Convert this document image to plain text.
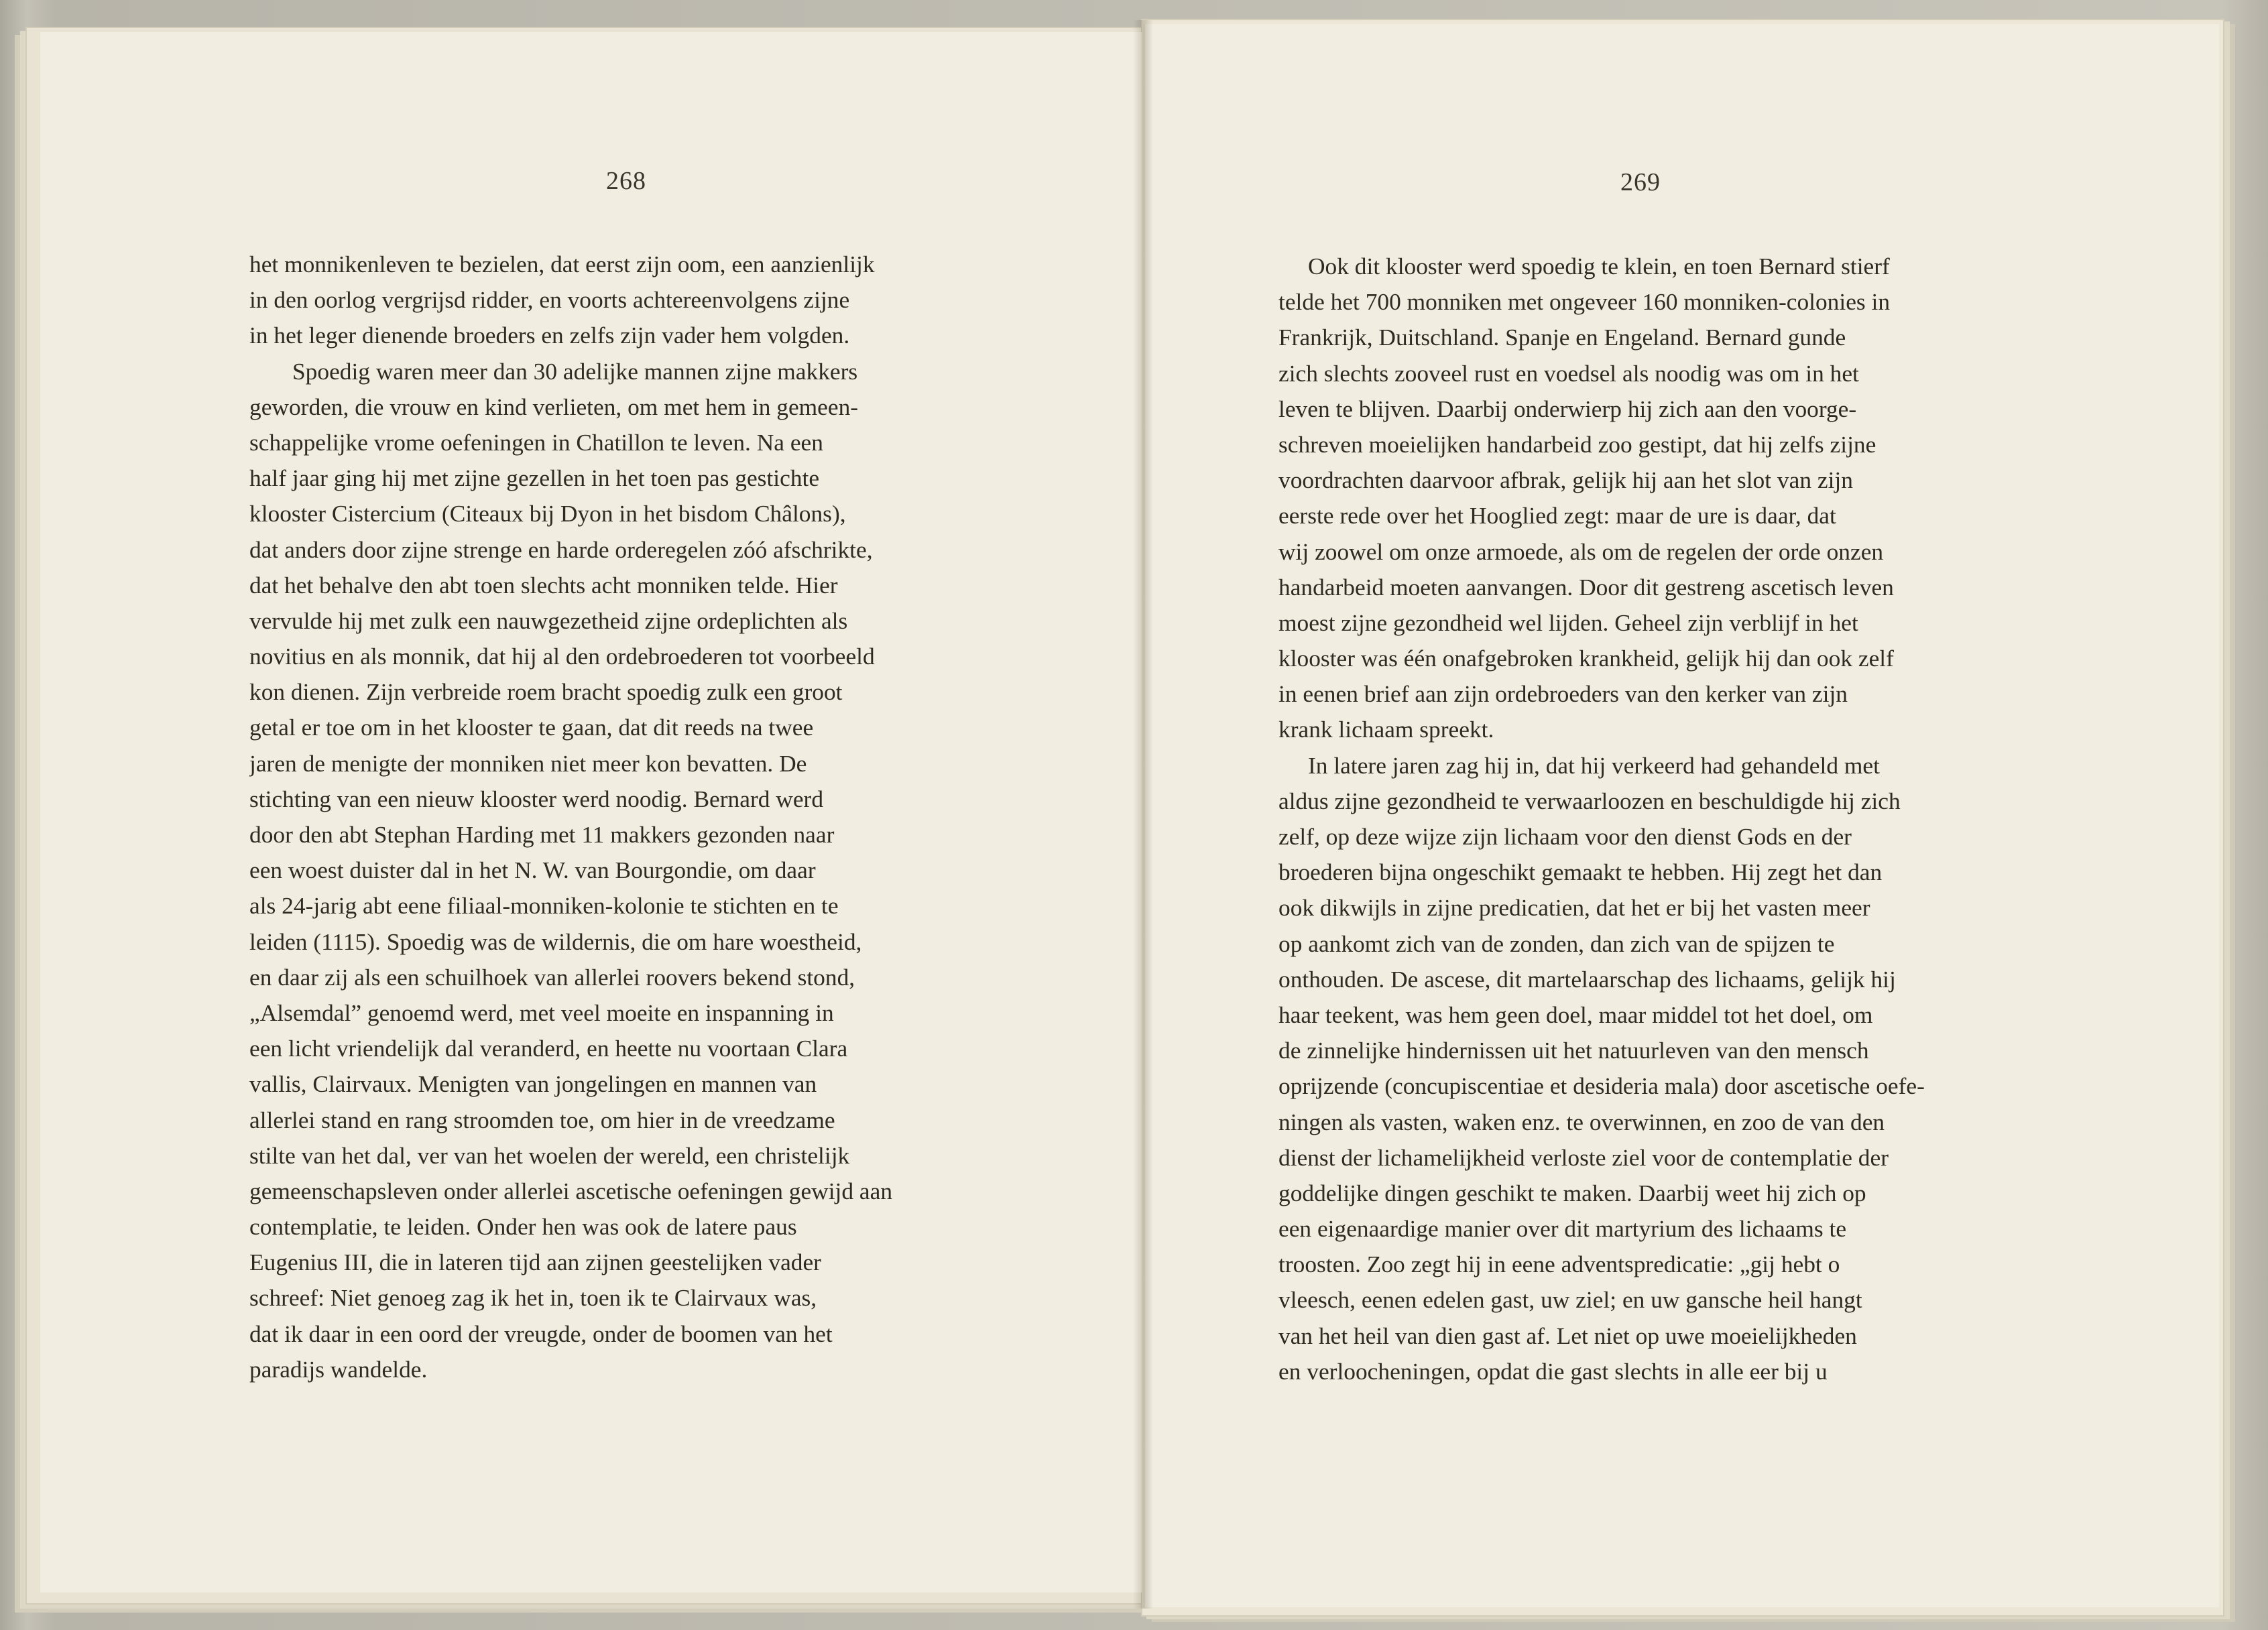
268
het monnikenleven te bezielen, dat eerst zijn oom, een aanzienlijk
in den oorlog vergrijsd ridder, en voorts achtereenvolgens zijne
in het leger dienende broeders en zelfs zijn vader hem volgden.
Spoedig waren meer dan 30 adelijke mannen zijne makkers
geworden, die vrouw en kind verlieten, om met hem in gemeen-
schappelijke vrome oefeningen in Chatillon te leven. Na een
half jaar ging hij met zijne gezellen in het toen pas gestichte
klooster Cistercium (Citeaux bij Dyon in het bisdom Châlons),
dat anders door zijne strenge en harde orderegelen zóó afschrikte,
dat het behalve den abt toen slechts acht monniken telde. Hier
vervulde hij met zulk een nauwgezetheid zijne ordeplichten als
novitius en als monnik, dat hij al den ordebroederen tot voorbeeld
kon dienen. Zijn verbreide roem bracht spoedig zulk een groot
getal er toe om in het klooster te gaan, dat dit reeds na twee
jaren de menigte der monniken niet meer kon bevatten. De
stichting van een nieuw klooster werd noodig. Bernard werd
door den abt Stephan Harding met 11 makkers gezonden naar
een woest duister dal in het N. W. van Bourgondie, om daar
als 24-jarig abt eene filiaal-monniken-kolonie te stichten en te
leiden (1115). Spoedig was de wildernis, die om hare woestheid,
en daar zij als een schuilhoek van allerlei roovers bekend stond,
„Alsemdal” genoemd werd, met veel moeite en inspanning in
een licht vriendelijk dal veranderd, en heette nu voortaan Clara
vallis, Clairvaux. Menigten van jongelingen en mannen van
allerlei stand en rang stroomden toe, om hier in de vreedzame
stilte van het dal, ver van het woelen der wereld, een christelijk
gemeenschapsleven onder allerlei ascetische oefeningen gewijd aan
contemplatie, te leiden. Onder hen was ook de latere paus
Eugenius III, die in lateren tijd aan zijnen geestelijken vader
schreef: Niet genoeg zag ik het in, toen ik te Clairvaux was,
dat ik daar in een oord der vreugde, onder de boomen van het
paradijs wandelde.
269
Ook dit klooster werd spoedig te klein, en toen Bernard stierf
telde het 700 monniken met ongeveer 160 monniken-colonies in
Frankrijk, Duitschland. Spanje en Engeland. Bernard gunde
zich slechts zooveel rust en voedsel als noodig was om in het
leven te blijven. Daarbij onderwierp hij zich aan den voorge-
schreven moeielijken handarbeid zoo gestipt, dat hij zelfs zijne
voordrachten daarvoor afbrak, gelijk hij aan het slot van zijn
eerste rede over het Hooglied zegt: maar de ure is daar, dat
wij zoowel om onze armoede, als om de regelen der orde onzen
handarbeid moeten aanvangen. Door dit gestreng ascetisch leven
moest zijne gezondheid wel lijden. Geheel zijn verblijf in het
klooster was één onafgebroken krankheid, gelijk hij dan ook zelf
in eenen brief aan zijn ordebroeders van den kerker van zijn
krank lichaam spreekt.
In latere jaren zag hij in, dat hij verkeerd had gehandeld met
aldus zijne gezondheid te verwaarloozen en beschuldigde hij zich
zelf, op deze wijze zijn lichaam voor den dienst Gods en der
broederen bijna ongeschikt gemaakt te hebben. Hij zegt het dan
ook dikwijls in zijne predicatien, dat het er bij het vasten meer
op aankomt zich van de zonden, dan zich van de spijzen te
onthouden. De ascese, dit martelaarschap des lichaams, gelijk hij
haar teekent, was hem geen doel, maar middel tot het doel, om
de zinnelijke hindernissen uit het natuurleven van den mensch
oprijzende (concupiscentiae et desideria mala) door ascetische oefe-
ningen als vasten, waken enz. te overwinnen, en zoo de van den
dienst der lichamelijkheid verloste ziel voor de contemplatie der
goddelijke dingen geschikt te maken. Daarbij weet hij zich op
een eigenaardige manier over dit martyrium des lichaams te
troosten. Zoo zegt hij in eene adventspredicatie: „gij hebt o
vleesch, eenen edelen gast, uw ziel; en uw gansche heil hangt
van het heil van dien gast af. Let niet op uwe moeielijkheden
en verloocheningen, opdat die gast slechts in alle eer bij u
